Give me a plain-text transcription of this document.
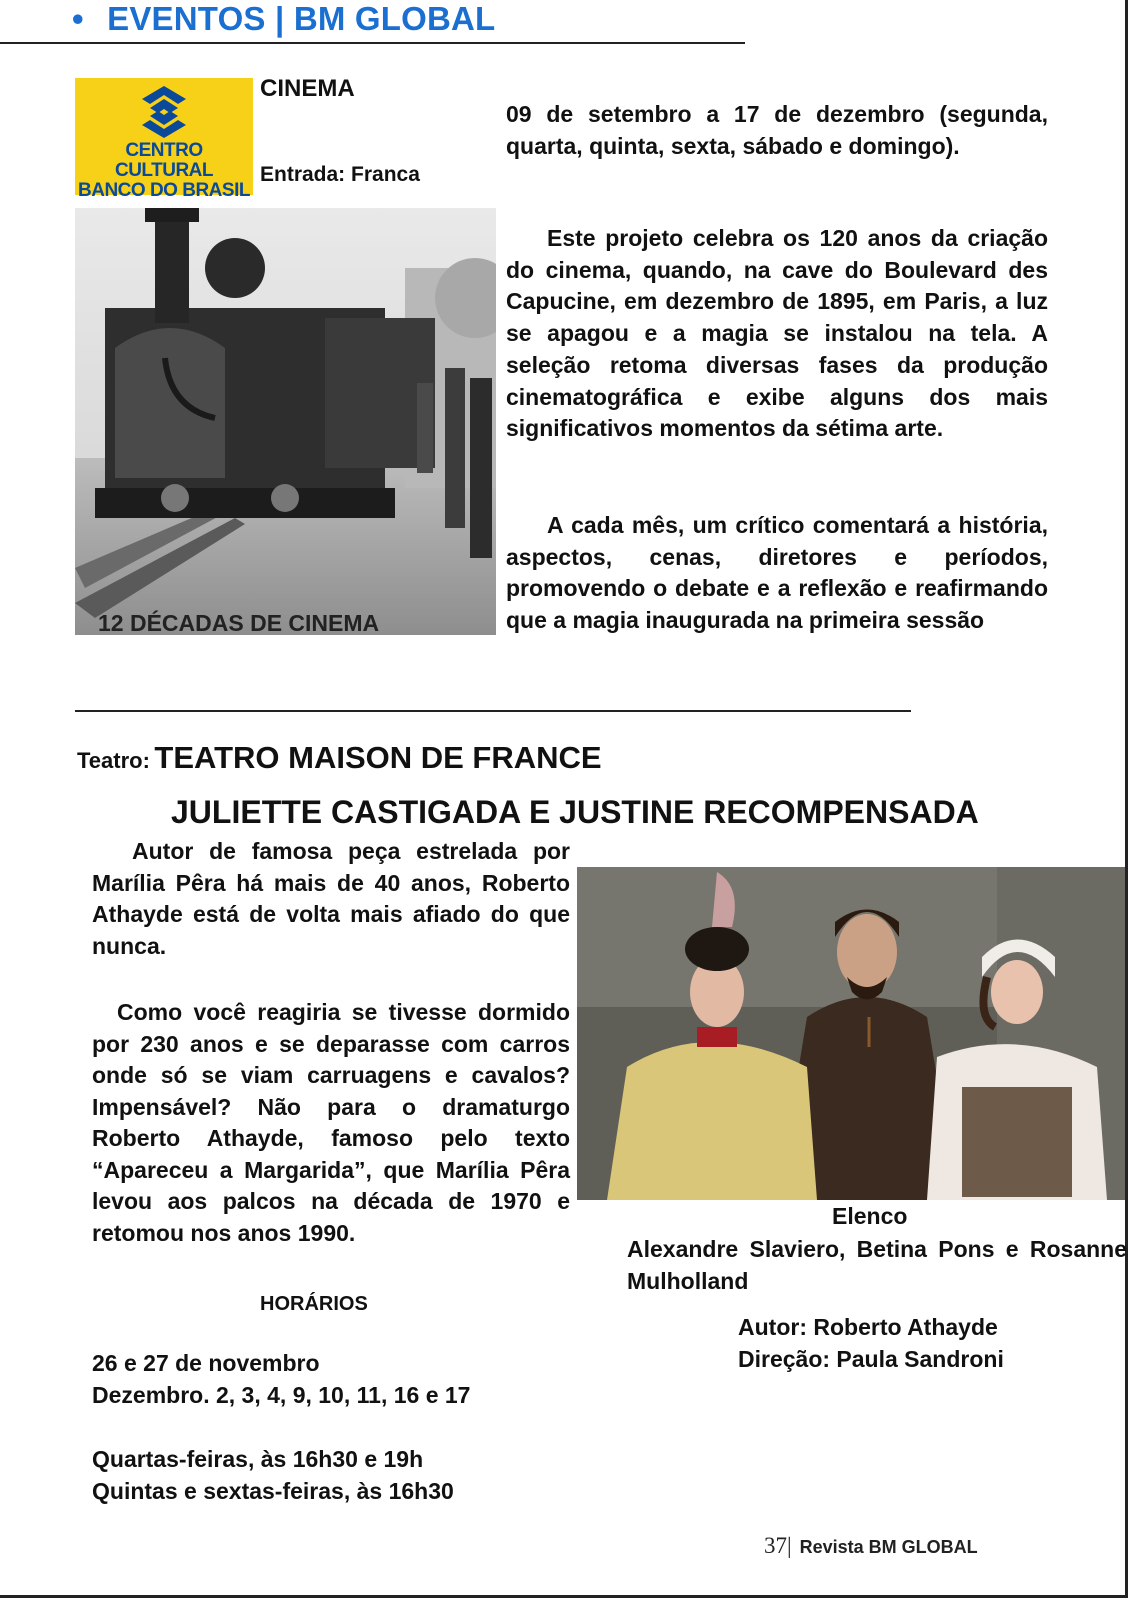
• EVENTOS | BM GLOBAL
CENTRO CULTURAL
BANCO DO BRASIL
CINEMA
Entrada: Franca
12 DÉCADAS DE CINEMA
09 de setembro a 17 de dezembro (segunda, quarta, quinta, sexta, sábado e domingo).
Este projeto celebra os 120 anos da criação do cinema, quando, na cave do Boulevard des Capucine, em dezembro de 1895, em Paris, a luz se apagou e a magia se instalou na tela. A seleção retoma diversas fases da produção cinematográfica e exibe alguns dos mais significativos momentos da sétima arte.
A cada mês, um crítico comentará a história, aspectos, cenas, diretores e períodos, promovendo o debate e a reflexão e reafirmando que a magia inaugurada na primeira sessão
Teatro: TEATRO MAISON DE FRANCE
JULIETTE CASTIGADA E JUSTINE RECOMPENSADA
Autor de famosa peça estrelada por Marília Pêra há mais de 40 anos, Roberto Athayde está de volta mais afiado do que nunca.
Como você reagiria se tivesse dormido por 230 anos e se deparasse com carros onde só se viam carruagens e cavalos? Impensável? Não para o dramaturgo Roberto Athayde, famoso pelo texto “Apareceu a Margarida”, que Marília Pêra levou aos palcos na década de 1970 e retomou nos anos 1990.
HORÁRIOS
26 e 27 de novembro
Dezembro. 2, 3, 4, 9, 10, 11, 16 e 17
Quartas-feiras, às 16h30 e 19h
Quintas e sextas-feiras, às 16h30
Elenco
Alexandre Slaviero, Betina Pons e Rosanne Mulholland
Autor: Roberto Athayde
Direção: Paula Sandroni
37| Revista BM GLOBAL
